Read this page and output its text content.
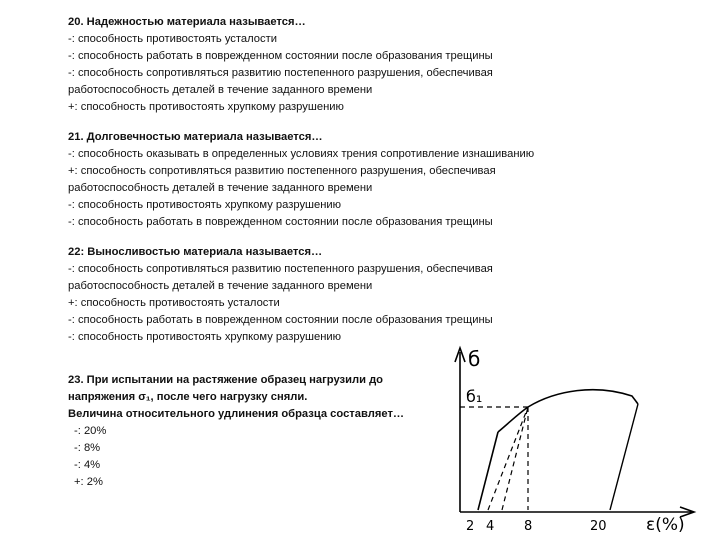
20. Надежностью материала называется…
-: способность противостоять усталости
-: способность работать в поврежденном состоянии после образования трещины
-: способность сопротивляться развитию постепенного разрушения, обеспечивая
работоспособность деталей в течение заданного времени
+: способность противостоять хрупкому разрушению
21. Долговечностью материала называется…
-: способность оказывать в определенных условиях трения сопротивление изнашиванию
+: способность сопротивляться развитию постепенного разрушения, обеспечивая
работоспособность деталей в течение заданного времени
-: способность противостоять хрупкому разрушению
-: способность работать в поврежденном состоянии после образования трещины
22: Выносливостью материала называется…
-: способность сопротивляться развитию постепенного разрушения, обеспечивая
работоспособность деталей в течение заданного времени
+: способность противостоять усталости
-: способность работать в поврежденном состоянии после образования трещины
-: способность противостоять хрупкому разрушению
23. При испытании на растяжение образец нагрузили до
напряжения σ₁, после чего нагрузку сняли.
Величина относительного удлинения образца составляет…
-: 20%
-: 8%
-: 4%
+: 2%
б
б₁
ε(%)
2 4 8	20
